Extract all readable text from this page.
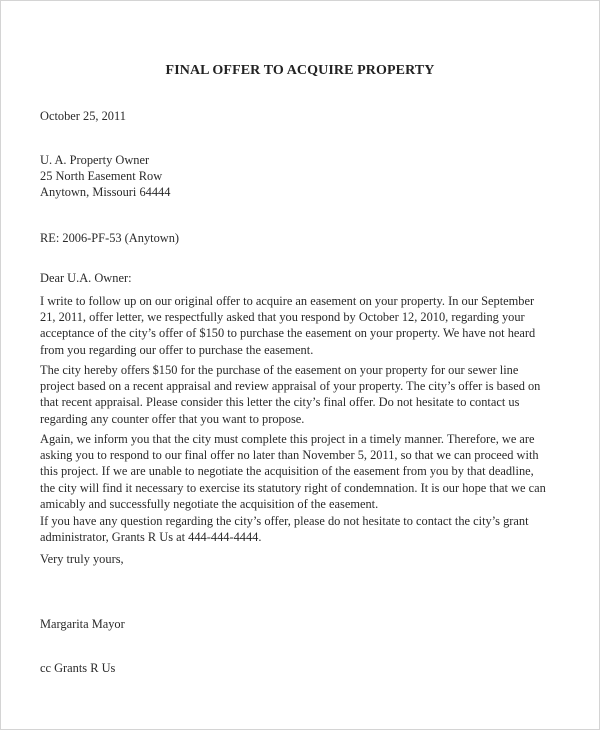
FINAL OFFER TO ACQUIRE PROPERTY
October 25, 2011
U. A. Property Owner
25 North Easement Row
Anytown, Missouri 64444
RE: 2006-PF-53 (Anytown)
Dear U.A. Owner:
I write to follow up on our original offer to acquire an easement on your property. In our September
21, 2011, offer letter, we respectfully asked that you respond by October 12, 2010, regarding your
acceptance of the city’s offer of $150 to purchase the easement on your property. We have not heard
from you regarding our offer to purchase the easement.
The city hereby offers $150 for the purchase of the easement on your property for our sewer line
project based on a recent appraisal and review appraisal of your property. The city’s offer is based on
that recent appraisal. Please consider this letter the city’s final offer. Do not hesitate to contact us
regarding any counter offer that you want to propose.
Again, we inform you that the city must complete this project in a timely manner. Therefore, we are
asking you to respond to our final offer no later than November 5, 2011, so that we can proceed with
this project. If we are unable to negotiate the acquisition of the easement from you by that deadline,
the city will find it necessary to exercise its statutory right of condemnation. It is our hope that we can
amicably and successfully negotiate the acquisition of the easement.
If you have any question regarding the city’s offer, please do not hesitate to contact the city’s grant
administrator, Grants R Us at 444-444-4444.
Very truly yours,
Margarita Mayor
cc Grants R Us
